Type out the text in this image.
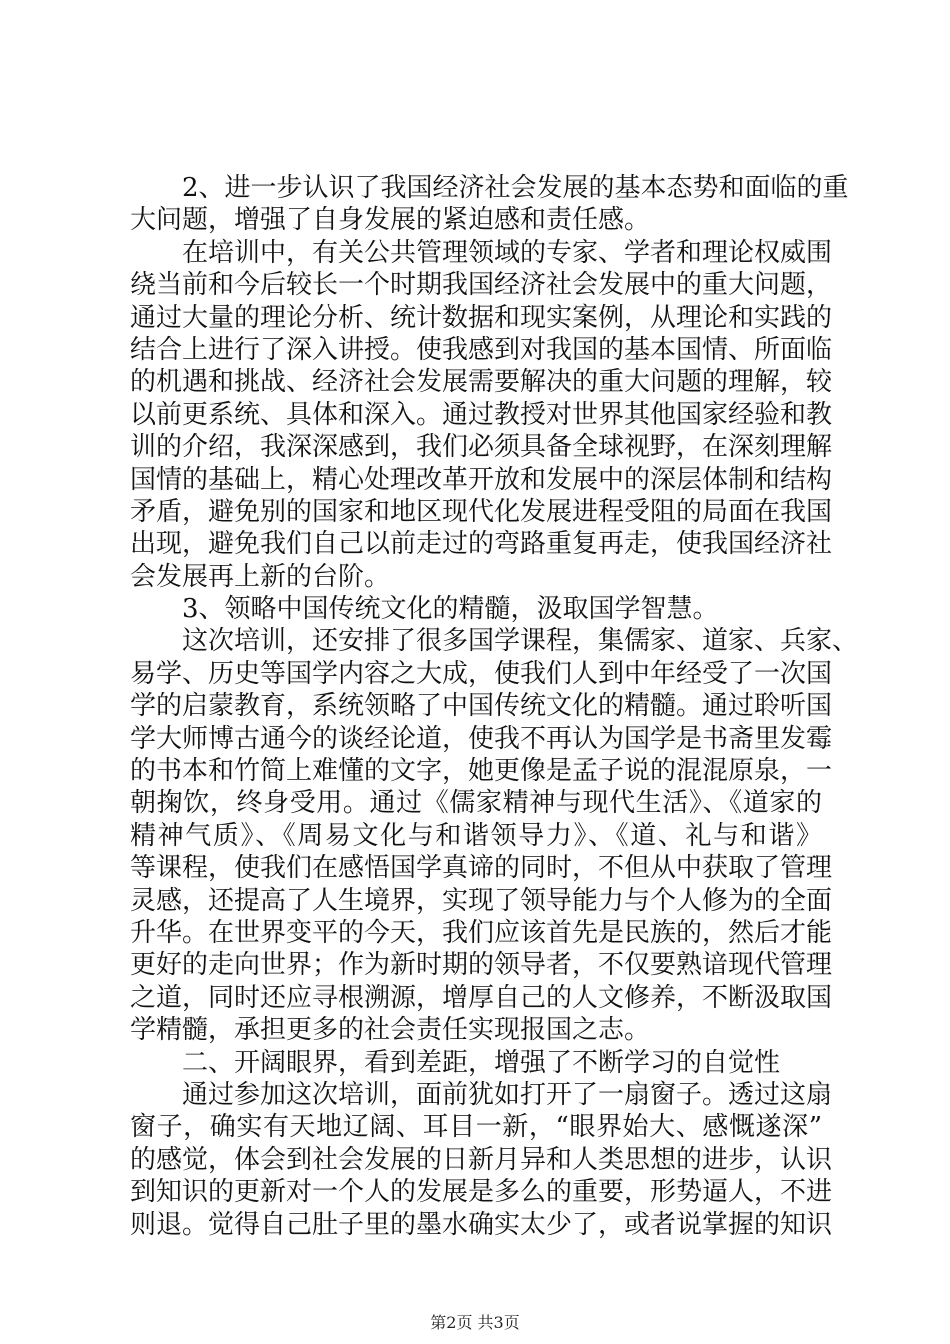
2、进一步认识了我国经济社会发展的基本态势和面临的重
大问题，增强了自身发展的紧迫感和责任感。
在培训中，有关公共管理领域的专家、学者和理论权威围
绕当前和今后较长一个时期我国经济社会发展中的重大问题，
通过大量的理论分析、统计数据和现实案例，从理论和实践的
结合上进行了深入讲授。使我感到对我国的基本国情、所面临
的机遇和挑战、经济社会发展需要解决的重大问题的理解，较
以前更系统、具体和深入。通过教授对世界其他国家经验和教
训的介绍，我深深感到，我们必须具备全球视野，在深刻理解
国情的基础上，精心处理改革开放和发展中的深层体制和结构
矛盾，避免别的国家和地区现代化发展进程受阻的局面在我国
出现，避免我们自己以前走过的弯路重复再走，使我国经济社
会发展再上新的台阶。
3、领略中国传统文化的精髓，汲取国学智慧。
这次培训，还安排了很多国学课程，集儒家、道家、兵家、
易学、历史等国学内容之大成，使我们人到中年经受了一次国
学的启蒙教育，系统领略了中国传统文化的精髓。通过聆听国
学大师博古通今的谈经论道，使我不再认为国学是书斋里发霉
的书本和竹简上难懂的文字，她更像是孟子说的混混原泉，一
朝掬饮，终身受用。通过《儒家精神与现代生活》、《道家的
精神气质》、《周易文化与和谐领导力》、《道、礼与和谐》
等课程，使我们在感悟国学真谛的同时，不但从中获取了管理
灵感，还提高了人生境界，实现了领导能力与个人修为的全面
升华。在世界变平的今天，我们应该首先是民族的，然后才能
更好的走向世界；作为新时期的领导者，不仅要熟谙现代管理
之道，同时还应寻根溯源，增厚自己的人文修养，不断汲取国
学精髓，承担更多的社会责任实现报国之志。
二、开阔眼界，看到差距，增强了不断学习的自觉性
通过参加这次培训，面前犹如打开了一扇窗子。透过这扇
窗子，确实有天地辽阔、耳目一新，“眼界始大、感慨遂深”
的感觉，体会到社会发展的日新月异和人类思想的进步，认识
到知识的更新对一个人的发展是多么的重要，形势逼人，不进
则退。觉得自己肚子里的墨水确实太少了，或者说掌握的知识
第2页 共3页
